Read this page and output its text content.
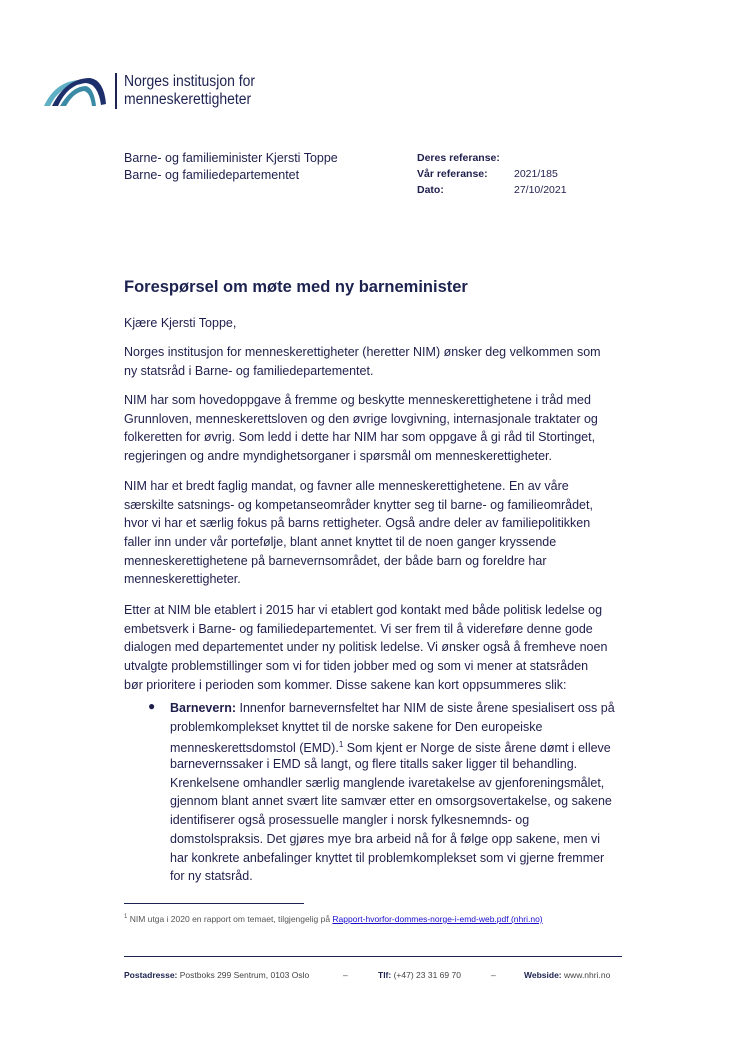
Norges institusjon for
menneskerettigheter
Barne- og familieminister Kjersti Toppe
Barne- og familiedepartementet
Deres referanse:
Vår referanse:	2021/185
Dato:	27/10/2021
Forespørsel om møte med ny barneminister
Kjære Kjersti Toppe,
Norges institusjon for menneskerettigheter (heretter NIM) ønsker deg velkommen som
ny statsråd i Barne- og familiedepartementet.
NIM har som hovedoppgave å fremme og beskytte menneskerettighetene i tråd med
Grunnloven, menneskerettsloven og den øvrige lovgivning, internasjonale traktater og
folkeretten for øvrig. Som ledd i dette har NIM har som oppgave å gi råd til Stortinget,
regjeringen og andre myndighetsorganer i spørsmål om menneskerettigheter.
NIM har et bredt faglig mandat, og favner alle menneskerettighetene. En av våre
særskilte satsnings- og kompetanseområder knytter seg til barne- og familieområdet,
hvor vi har et særlig fokus på barns rettigheter. Også andre deler av familiepolitikken
faller inn under vår portefølje, blant annet knyttet til de noen ganger kryssende
menneskerettighetene på barnevernsområdet, der både barn og foreldre har
menneskerettigheter.
Etter at NIM ble etablert i 2015 har vi etablert god kontakt med både politisk ledelse og
embetsverk i Barne- og familiedepartementet. Vi ser frem til å videreføre denne gode
dialogen med departementet under ny politisk ledelse. Vi ønsker også å fremheve noen
utvalgte problemstillinger som vi for tiden jobber med og som vi mener at statsråden
bør prioritere i perioden som kommer. Disse sakene kan kort oppsummeres slik:
● Barnevern: Innenfor barnevernsfeltet har NIM de siste årene spesialisert oss på
problemkomplekset knyttet til de norske sakene for Den europeiske
menneskerettsdomstol (EMD).$^1$ Som kjent er Norge de siste årene dømt i elleve
barnevernssaker i EMD så langt, og flere titalls saker ligger til behandling.
Krenkelsene omhandler særlig manglende ivaretakelse av gjenforeningsmålet,
gjennom blant annet svært lite samvær etter en omsorgsovertakelse, og sakene
identifiserer også prosessuelle mangler i norsk fylkesnemnds- og
domstolspraksis. Det gjøres mye bra arbeid nå for å følge opp sakene, men vi
har konkrete anbefalinger knyttet til problemkomplekset som vi gjerne fremmer
for ny statsråd.
$^1$ NIM utga i 2020 en rapport om temaet, tilgjengelig på Rapport-hvorfor-dommes-norge-i-emd-web.pdf (nhri.no)
Postadresse: Postboks 299 Sentrum, 0103 Oslo	–	Tlf: (+47) 23 31 69 70	–	Webside: www.nhri.no
